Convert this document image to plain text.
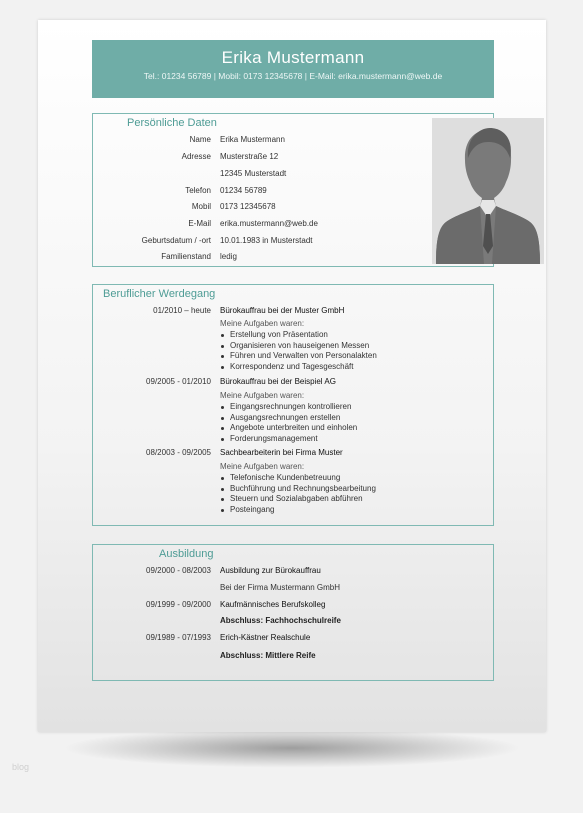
Erika Mustermann
Tel.: 01234 56789 | Mobil: 0173 12345678 | E-Mail: erika.mustermann@web.de
Persönliche Daten
Name Erika Mustermann
Adresse Musterstraße 12
12345 Musterstadt
Telefon 01234 56789
Mobil 0173 12345678
E-Mail erika.mustermann@web.de
Geburtsdatum / -ort 10.01.1983 in Musterstadt
Familienstand ledig
Beruflicher Werdegang
01/2010 – heute Bürokauffrau bei der Muster GmbH
Meine Aufgaben waren:
Erstellung von Präsentation
Organisieren von hauseigenen Messen
Führen und Verwalten von Personalakten
Korrespondenz und Tagesgeschäft
09/2005 - 01/2010 Bürokauffrau bei der Beispiel AG
Meine Aufgaben waren:
Eingangsrechnungen kontrollieren
Ausgangsrechnungen erstellen
Angebote unterbreiten und einholen
Forderungsmanagement
08/2003 - 09/2005 Sachbearbeiterin bei Firma Muster
Meine Aufgaben waren:
Telefonische Kundenbetreuung
Buchführung und Rechnungsbearbeitung
Steuern und Sozialabgaben abführen
Posteingang
Ausbildung
09/2000 - 08/2003 Ausbildung zur Bürokauffrau
Bei der Firma Mustermann GmbH
09/1999 - 09/2000 Kaufmännisches Berufskolleg
Abschluss: Fachhochschulreife
09/1989 - 07/1993 Erich-Kästner Realschule
Abschluss: Mittlere Reife
blog
